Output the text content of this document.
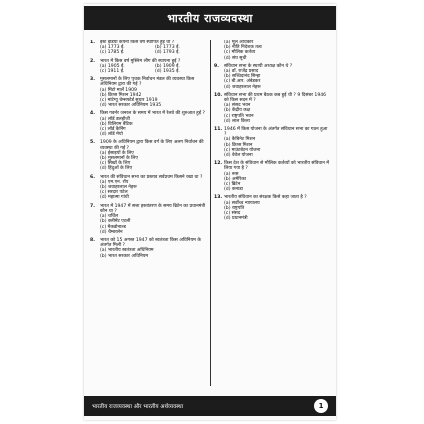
भारतीय राजव्यवस्था
1.	ईस्ट इंडिया कंपनी किस वर्ष स्थापित हुई थी ?
(a) 1773 ई.	(b) 1773 ई.
(c) 1785 ई.	(d) 1793 ई.
2.	भारत में किस वर्ष मुस्लिम लीग की स्थापना हुई ?
(a) 1905 ई.	(b) 1909 ई.
(c) 1911 ई.	(d) 1935 ई.
3.	मुसलमानों के लिए पृथक निर्वाचन मंडल की व्यवस्था किस अधिनियम द्वारा की गई ?
(a) मिंटो मार्ले 1909
(b) क्रिप्स मिशन 1942
(c) मांटेग्यू चेम्सफोर्ड सुधार 1919
(d) भारत सरकार अधिनियम 1935
4.	किस गवर्नर जनरल के समय में भारत में रेलवे की शुरुआत हुई ?
(a) लॉर्ड डलहौजी
(b) विलियम बैंटिक
(c) लॉर्ड कैनिंग
(d) लॉर्ड मेयो
5.	1909 के अधिनियम द्वारा किस वर्ग के लिए अलग निर्वाचन की व्यवस्था की गई ?
(a) ईसाइयों के लिए
(b) मुसलमानों के लिए
(c) सिखों के लिए
(d) हिंदुओं के लिए
6.	भारत की संविधान सभा का प्रस्ताव सर्वप्रथम किसने रखा था ?
(a) एम.एन. रॉय
(b) जवाहरलाल नेहरू
(c) सरदार पटेल
(d) महात्मा गांधी
7.	भारत में 1947 में सत्ता हस्तांतरण के समय ब्रिटेन का प्रधानमंत्री कौन था ?
(a) चर्चिल
(b) क्लीमेंट एटली
(c) मैकडोनाल्ड
(d) चैम्बरलेन
8.	भारत को 15 अगस्त 1947 को स्वतंत्रता किस अधिनियम के अंतर्गत मिली ?
(a) भारतीय स्वतंत्रता अधिनियम
(b) भारत सरकार अधिनियम
(a) मूल अधिकार
(b) नीति निदेशक तत्व
(c) मौलिक कर्तव्य
(d) संघ सूची
9.	संविधान सभा के स्थायी अध्यक्ष कौन थे ?
(a) डॉ. राजेंद्र प्रसाद
(b) सच्चिदानंद सिन्हा
(c) बी.आर. अंबेडकर
(d) जवाहरलाल नेहरू
10. संविधान सभा की प्रथम बैठक कब हुई थी ? 9 दिसंबर 1946 को किस सदन में ?
(a) संसद भवन
(b) केंद्रीय कक्ष
(c) राष्ट्रपति भवन
(d) लाल किला
11. 1946 में किस योजना के अंतर्गत संविधान सभा का गठन हुआ ?
(a) कैबिनेट मिशन
(b) क्रिप्स मिशन
(c) माउंटबेटन योजना
(d) वेवेल योजना
12. किस देश के संविधान से मौलिक कर्तव्यों को भारतीय संविधान में लिया गया है ?
(a) रूस
(b) अमेरिका
(c) ब्रिटेन
(d) कनाडा
13. भारतीय संविधान का संरक्षक किसे कहा जाता है ?
(a) सर्वोच्च न्यायालय
(b) राष्ट्रपति
(c) संसद
(d) प्रधानमंत्री
भारतीय राजव्यवस्था और भारतीय अर्थव्यवस्था	1
